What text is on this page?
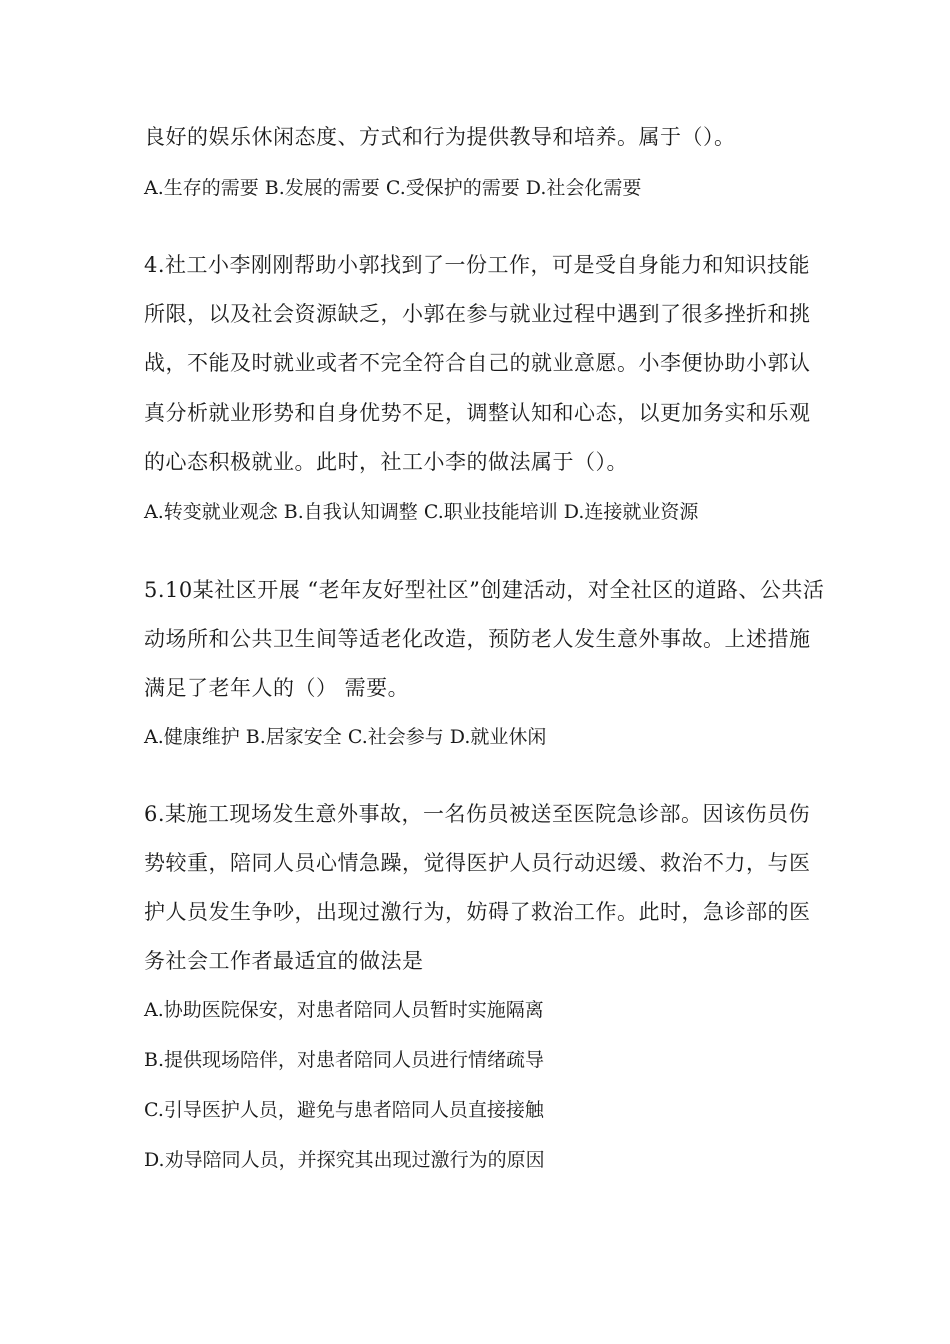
良好的娱乐休闲态度、方式和行为提供教导和培养。属于（）。
A.生存的需要 B.发展的需要 C.受保护的需要 D.社会化需要
4.社工小李刚刚帮助小郭找到了一份工作，可是受自身能力和知识技能
所限，以及社会资源缺乏，小郭在参与就业过程中遇到了很多挫折和挑
战，不能及时就业或者不完全符合自己的就业意愿。小李便协助小郭认
真分析就业形势和自身优势不足，调整认知和心态，以更加务实和乐观
的心态积极就业。此时，社工小李的做法属于（）。
A.转变就业观念 B.自我认知调整 C.职业技能培训 D.连接就业资源
5.10某社区开展 “老年友好型社区”创建活动，对全社区的道路、公共活
动场所和公共卫生间等适老化改造，预防老人发生意外事故。上述措施
满足了老年人的（） 需要。
A.健康维护 B.居家安全 C.社会参与 D.就业休闲
6.某施工现场发生意外事故，一名伤员被送至医院急诊部。因该伤员伤
势较重，陪同人员心情急躁，觉得医护人员行动迟缓、救治不力，与医
护人员发生争吵，出现过激行为，妨碍了救治工作。此时，急诊部的医
务社会工作者最适宜的做法是
A.协助医院保安，对患者陪同人员暂时实施隔离
B.提供现场陪伴，对患者陪同人员进行情绪疏导
C.引导医护人员，避免与患者陪同人员直接接触
D.劝导陪同人员，并探究其出现过激行为的原因
